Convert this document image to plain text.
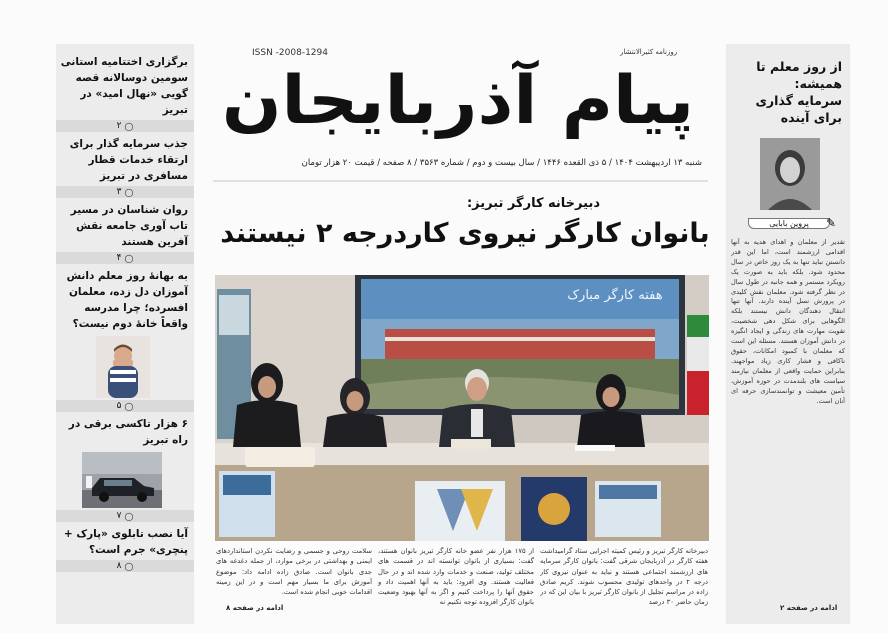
برگزاری اختتامیه استانی سومین دوسالانه قصه گویی «نهال امید» در تبریز
◯
۲
جذب سرمایه گذار برای ارتقاء خدمات قطار مسافری در تبریز
◯
۳
روان شناسان در مسیر تاب آوری جامعه نقش آفرین هستند
◯
۴
به بهانهٔ روز معلم دانش آموزان دل زده، معلمان افسرده؛ چرا مدرسه واقعاً خانهٔ دوم نیست؟
◯
۵
۶ هزار تاکسی برقی در راه تبریز
◯
۷
آیا نصب تابلوی «پارک + پنچری» جرم است؟
◯
۸
ISSN -2008-1294	روزنامه کثیرالانتشار
پیام آذربایجان
شنبه ۱۳ اردیبهشت ۱۴۰۴ / ۵ ذی القعده ۱۴۴۶ / سال بیست و دوم / شماره ۳۵۶۳ / ۸ صفحه / قیمت ۲۰ هزار تومان
دبیرخانه کارگر تبریز:
بانوان کارگر نیروی کاردرجه ۲ نیستند
هفته کارگر مبارک
دبیرخانه کارگر تبریز و رئیس کمیته اجرایی ستاد گرامیداشت هفته کارگر در آذربایجان شرقی گفت: بانوان کارگر سرمایه های ارزشمند اجتماعی هستند و نباید به عنوان نیروی کار درجه ۲ در واحدهای تولیدی محسوب شوند. کریم صادق زاده در مراسم تجلیل از بانوان کارگر تبریز با بیان این که در زمان حاضر ۳۰ درصد
از ۱۷۵ هزار نفر عضو خانه کارگر تبریز بانوان هستند، گفت: بسیاری از بانوان توانسته اند در قسمت های مختلف تولید، صنعت و خدمات وارد شده اند و در حال فعالیت هستند. وی افزود: باید به آنها اهمیت داد و حقوق آنها را پرداخت کنیم و اگر به آنها بهبود وضعیت بانوان کارگر افزوده توجه نکنیم نه
سلامت روحی و جسمی و رضایت نکردن استانداردهای ایمنی و بهداشتی در برخی موارد، از جمله دغدغه های جدی بانوان است. صادق زاده ادامه داد: موضوع آموزش برای ما بسیار مهم است و در این زمینه اقدامات خوبی انجام شده است.
ادامه در صفحه ۸
از روز معلم تا همیشه:
سرمایه گذاری برای آینده
پروین بابایی	✎
تقدیر از معلمان و اهدای هدیه به آنها اقدامی ارزشمند است، اما این قدر دانستن نباید تنها به یک روز خاص در سال محدود شود. بلکه باید به صورت یک رویکرد مستمر و همه جانبه در طول سال در نظر گرفته شود. معلمان نقش کلیدی در پرورش نسل آینده دارند. آنها تنها انتقال دهندگان دانش نیستند بلکه الگوهایی برای شکل دهی شخصیت، تقویت مهارت های زندگی و ایجاد انگیزه در دانش آموزان هستند. مسئله این است که معلمان با کمبود امکانات، حقوق ناکافی و فشار کاری زیاد مواجهند. بنابراین حمایت واقعی از معلمان نیازمند سیاست های بلندمدت در حوزه آموزش، تأمین معیشت و توانمندسازی حرفه ای آنان است.
ادامه در صفحه ۲
